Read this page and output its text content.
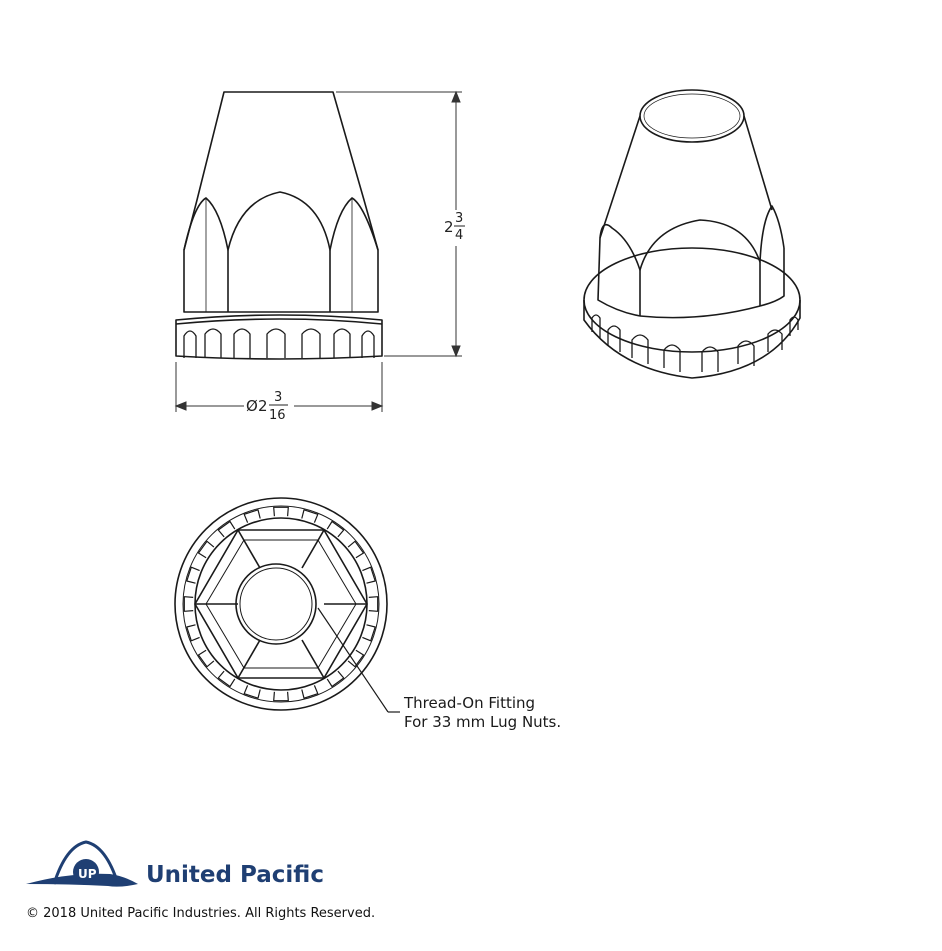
2 3
4
Ø 2 3
16
UP
Thread-On Fitting
For 33 mm Lug Nuts.
United Pacific
© 2018 United Pacific Industries. All Rights Reserved.
